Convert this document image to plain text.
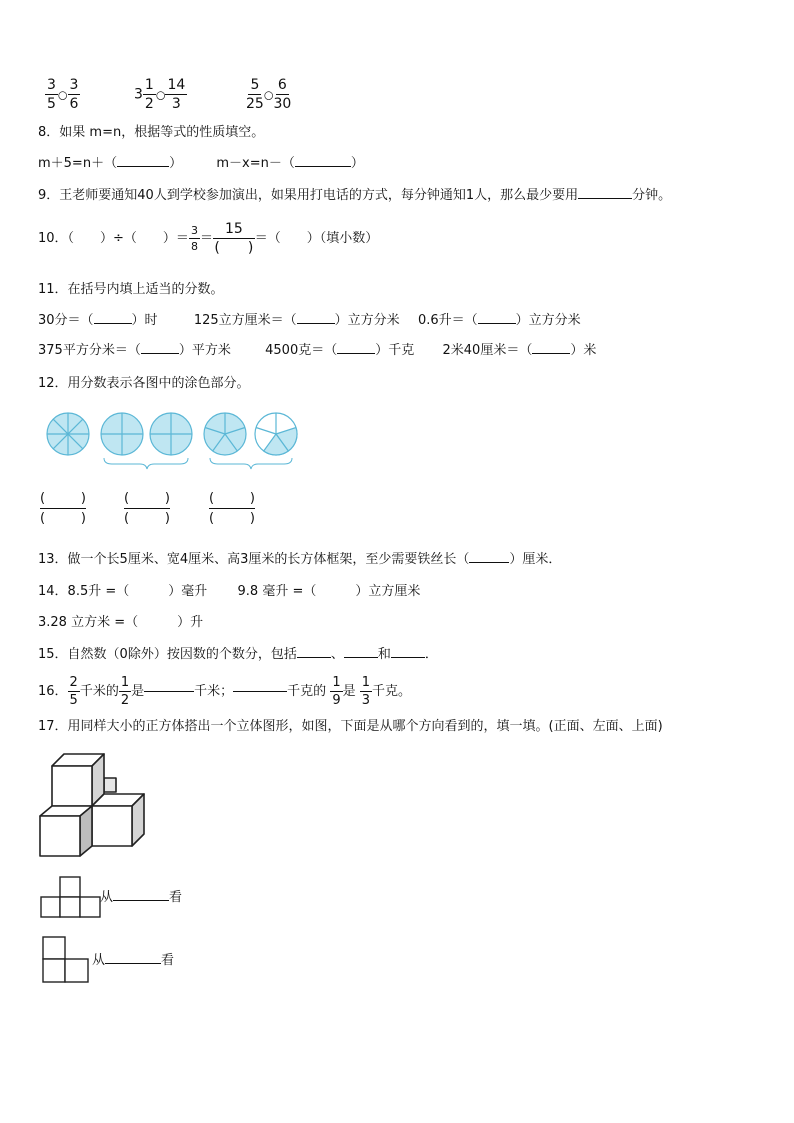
$\frac{3}{5}$ ○ $\frac{3}{6}$	$3 \frac{1}{2}$ ○ $\frac{14}{3}$	$\frac{5}{25}$ ○ $\frac{6}{30}$
8．如果 m=n，根据等式的性质填空。
m＋5=n＋（	）	m－x=n－（	）
9．王老师要通知40人到学校参加演出，如果用打电话的方式，每分钟通知1人，那么最少要用	分钟。
10．（　　）÷（　　）＝ $\frac{3}{8} = \frac{15}{( )}$ ＝（　　）（填小数）
11．在括号内填上适当的分数。
30分＝（	）时	125立方厘米＝（	）立方分米 0.6升＝（	）立方分米
375平方分米＝（	）平方米	4500克＝（	）千克 2米40厘米＝（	）米
12．用分数表示各图中的涂色部分。
(	)
(	)
(	)
(	)
(	)
(	)
13．做一个长5厘米、宽4厘米、高3厘米的长方体框架，至少需要铁丝长（	）厘米．
14．8.5升 =（　　　）毫升 9.8 毫升 =（　　　）立方厘米
3.28 立方米 =（　　　）升
15．自然数（0除外）按因数的个数分，包括	、	和	．
16． $\frac{2}{5}$ 千米的 $\frac{1}{2}$ 是	千米；	千克的 $\frac{1}{9}$ 是 $\frac{1}{3}$ 千克。
17．用同样大小的正方体搭出一个立体图形，如图，下面是从哪个方向看到的，填一填。(正面、左面、上面)
从	看
从	看
